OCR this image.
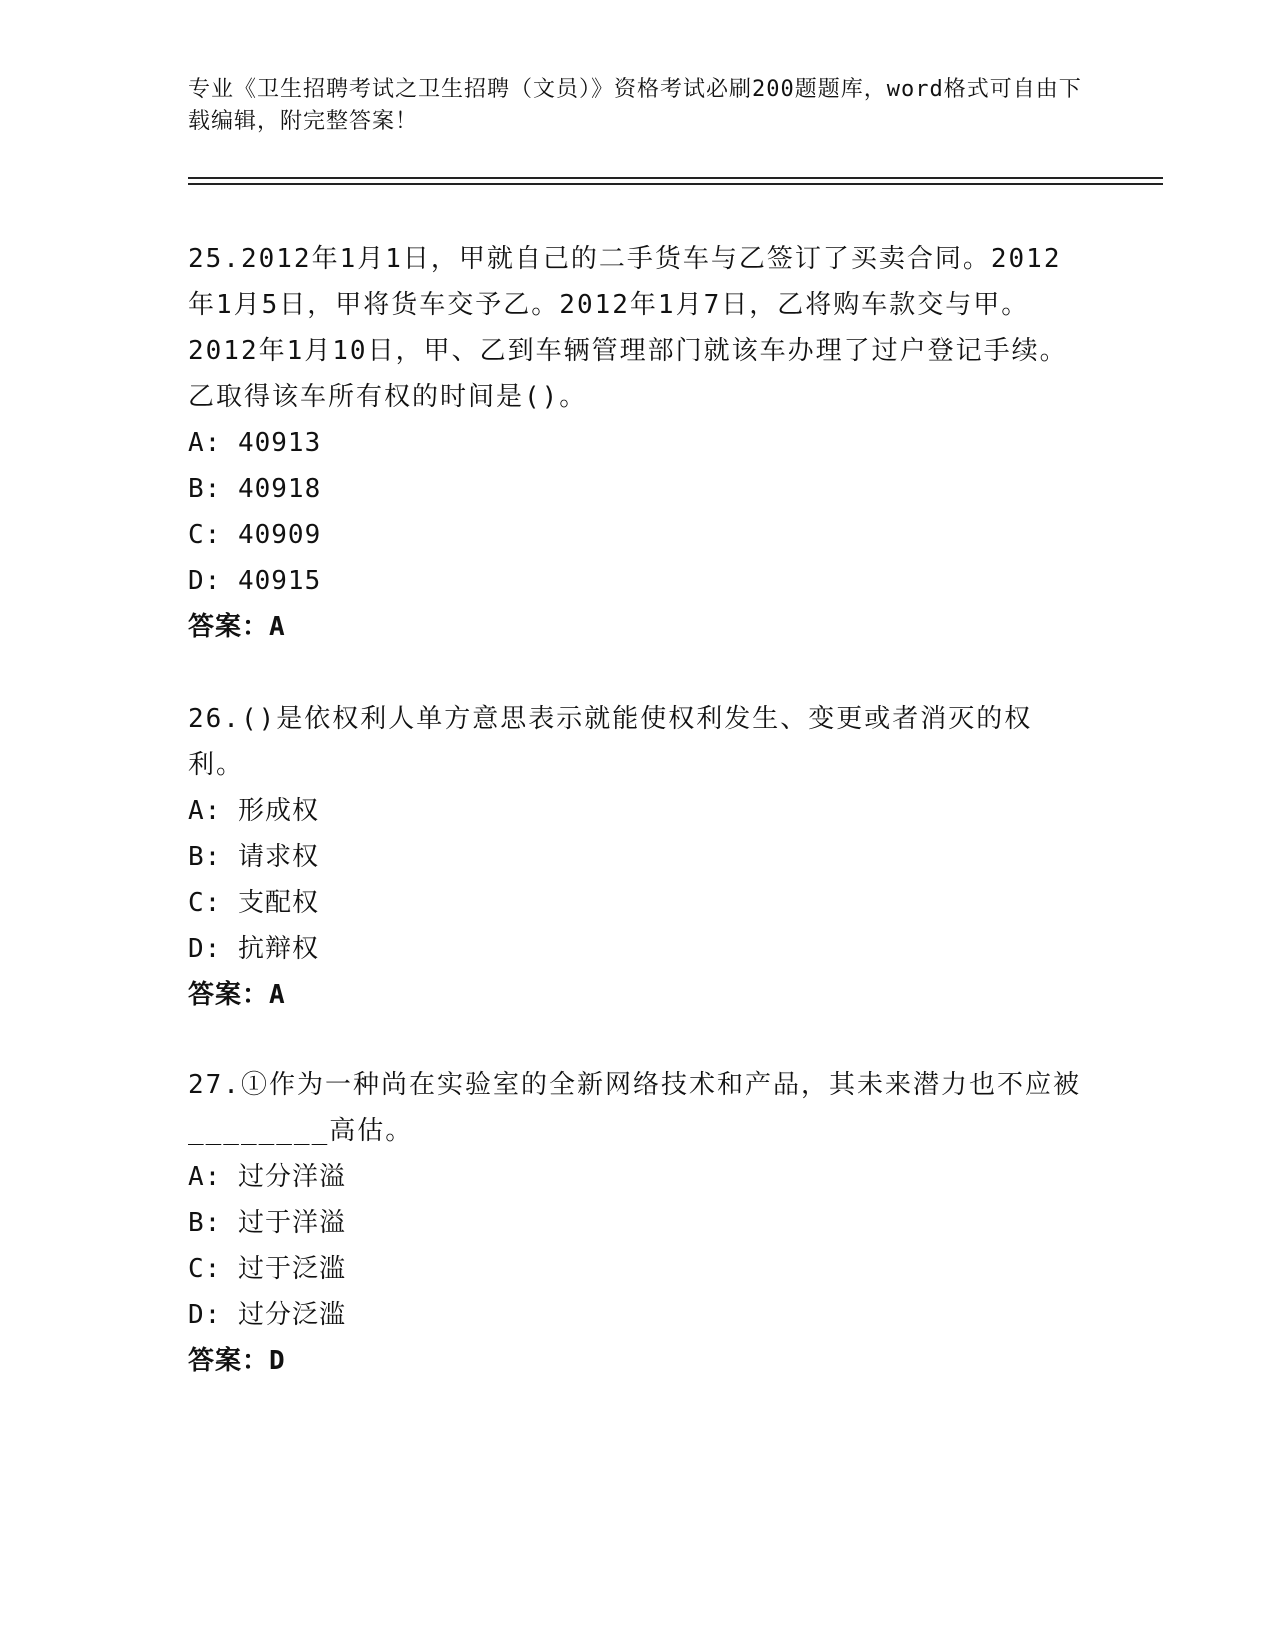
专业《卫生招聘考试之卫生招聘（文员）》资格考试必刷200题题库，word格式可自由下载编辑，附完整答案！

25.2012年1月1日，甲就自己的二手货车与乙签订了买卖合同。2012年1月5日，甲将货车交予乙。2012年1月7日，乙将购车款交与甲。2012年1月10日，甲、乙到车辆管理部门就该车办理了过户登记手续。乙取得该车所有权的时间是()。

A: 40913

B: 40918

C: 40909

D: 40915

答案：A

26.()是依权利人单方意思表示就能使权利发生、变更或者消灭的权利。

A: 形成权

B: 请求权

C: 支配权

D: 抗辩权

答案：A

27.①作为一种尚在实验室的全新网络技术和产品，其未来潜力也不应被________高估。

A: 过分洋溢

B: 过于洋溢

C: 过于泛滥

D: 过分泛滥

答案：D
